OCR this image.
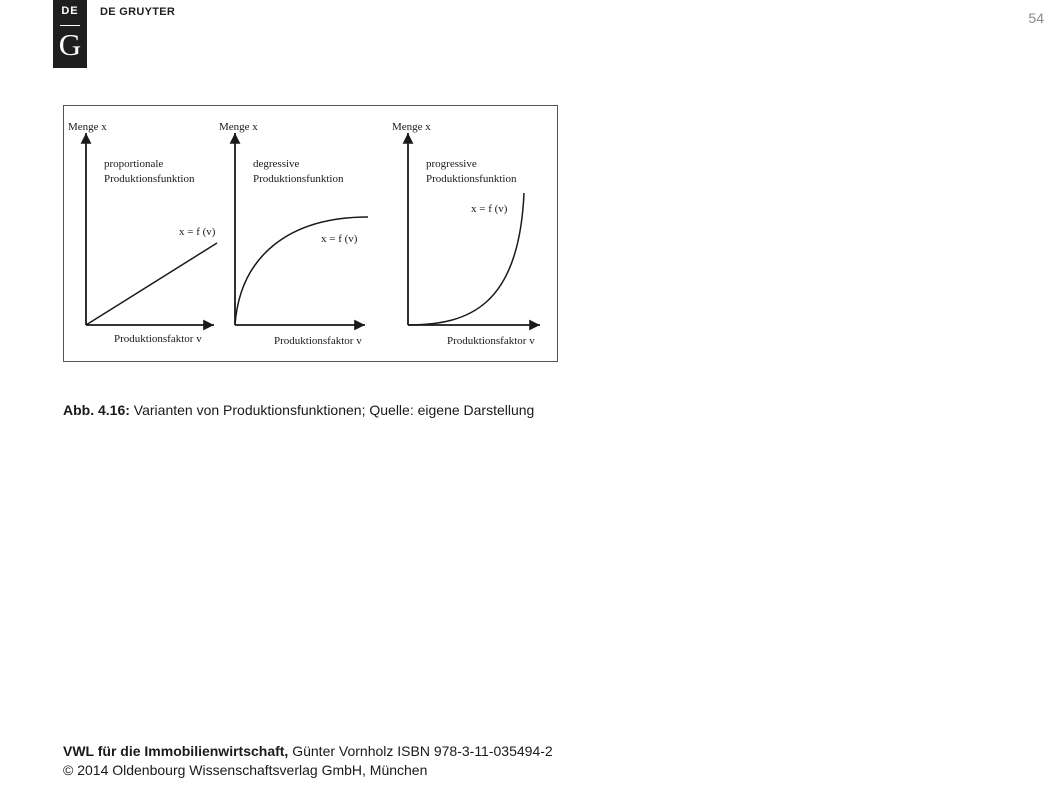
DE
G
DE GRUYTER	54
Menge x
Produktionsfaktor v
proportionale
Produktionsfunktion
x = f (v)
Menge x
Produktionsfaktor v
degressive
Produktionsfunktion
x = f (v)
Menge x
Produktionsfaktor v
progressive
Produktionsfunktion
x = f (v)
Abb. 4.16: Varianten von Produktionsfunktionen; Quelle: eigene Darstellung
VWL für die Immobilienwirtschaft, Günter Vornholz ISBN 978-3-11-035494-2
© 2014 Oldenbourg Wissenschaftsverlag GmbH, München
